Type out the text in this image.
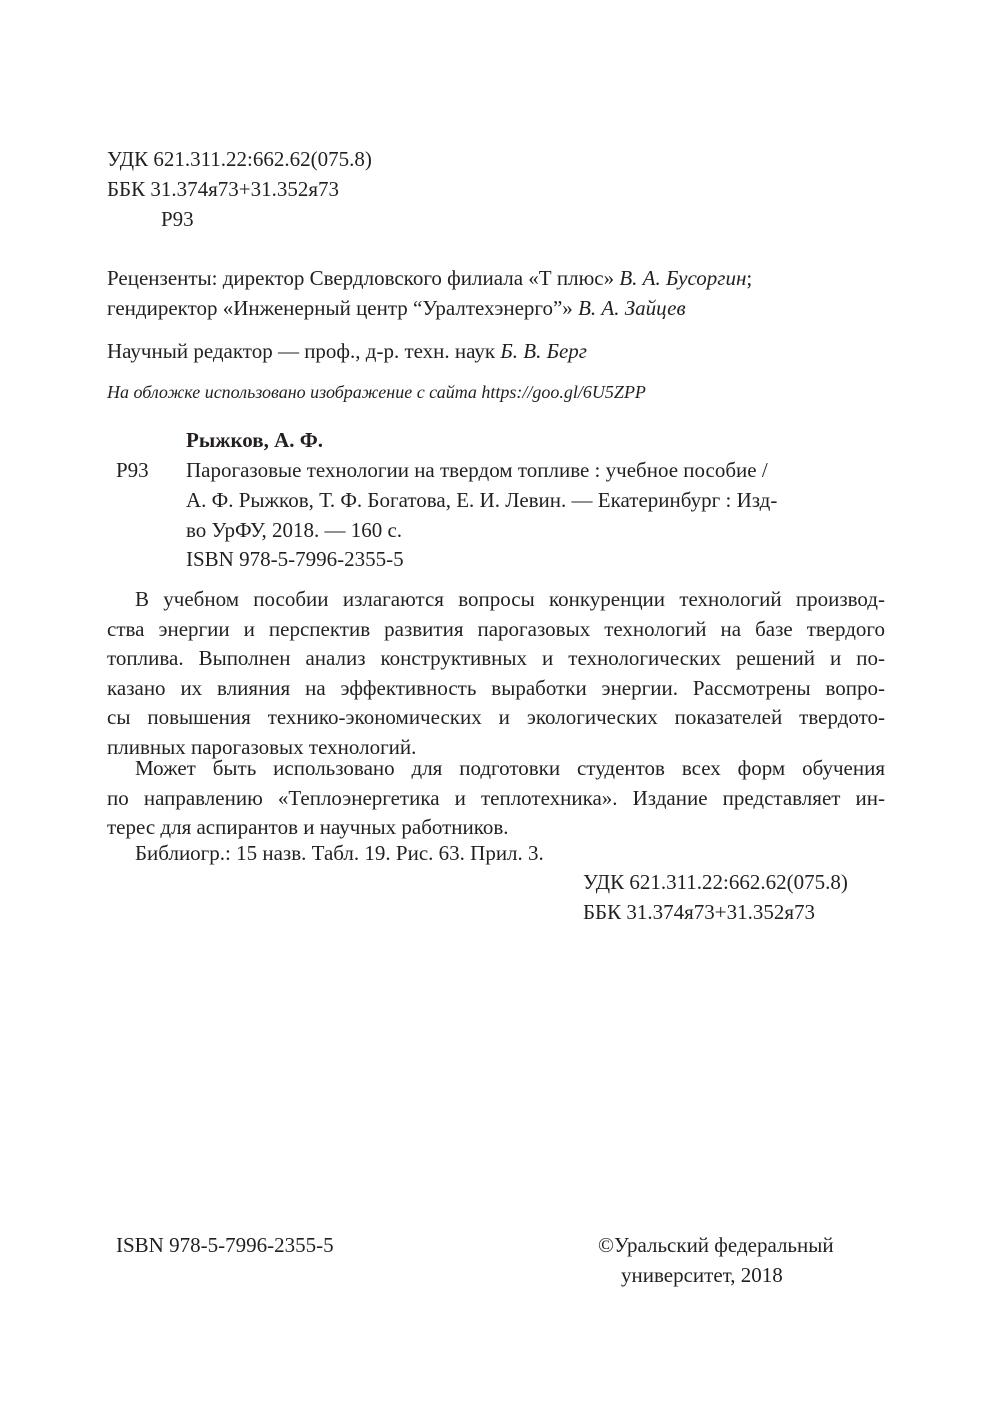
УДК 621.311.22:662.62(075.8)
ББК 31.374я73+31.352я73
Р93
Рецензенты: директор Свердловского филиала «Т плюс» В. А. Бусоргин;
гендиректор «Инженерный центр “Уралтехэнерго”» В. А. Зайцев
Научный редактор — проф., д-р. техн. наук Б. В. Берг
На обложке использовано изображение с сайта https://goo.gl/6U5ZPP
Рыжков, А. Ф.
Р93 Парогазовые технологии на твердом топливе : учебное пособие /
А. Ф. Рыжков, Т. Ф. Богатова, Е. И. Левин. — Екатеринбург : Изд-
во УрФУ, 2018. — 160 с.
ISBN 978-5-7996-2355-5
В учебном пособии излагаются вопросы конкуренции технологий производ-
ства энергии и перспектив развития парогазовых технологий на базе твердого
топлива. Выполнен анализ конструктивных и технологических решений и по-
казано их влияния на эффективность выработки энергии. Рассмотрены вопро-
сы повышения технико-экономических и экологических показателей твердото-
пливных парогазовых технологий.
Может быть использовано для подготовки студентов всех форм обучения
по направлению «Теплоэнергетика и теплотехника». Издание представляет ин-
терес для аспирантов и научных работников.
Библиогр.: 15 назв. Табл. 19. Рис. 63. Прил. 3.
УДК 621.311.22:662.62(075.8)
ББК 31.374я73+31.352я73
ISBN 978-5-7996-2355-5	©Уральский федеральный
университет, 2018
